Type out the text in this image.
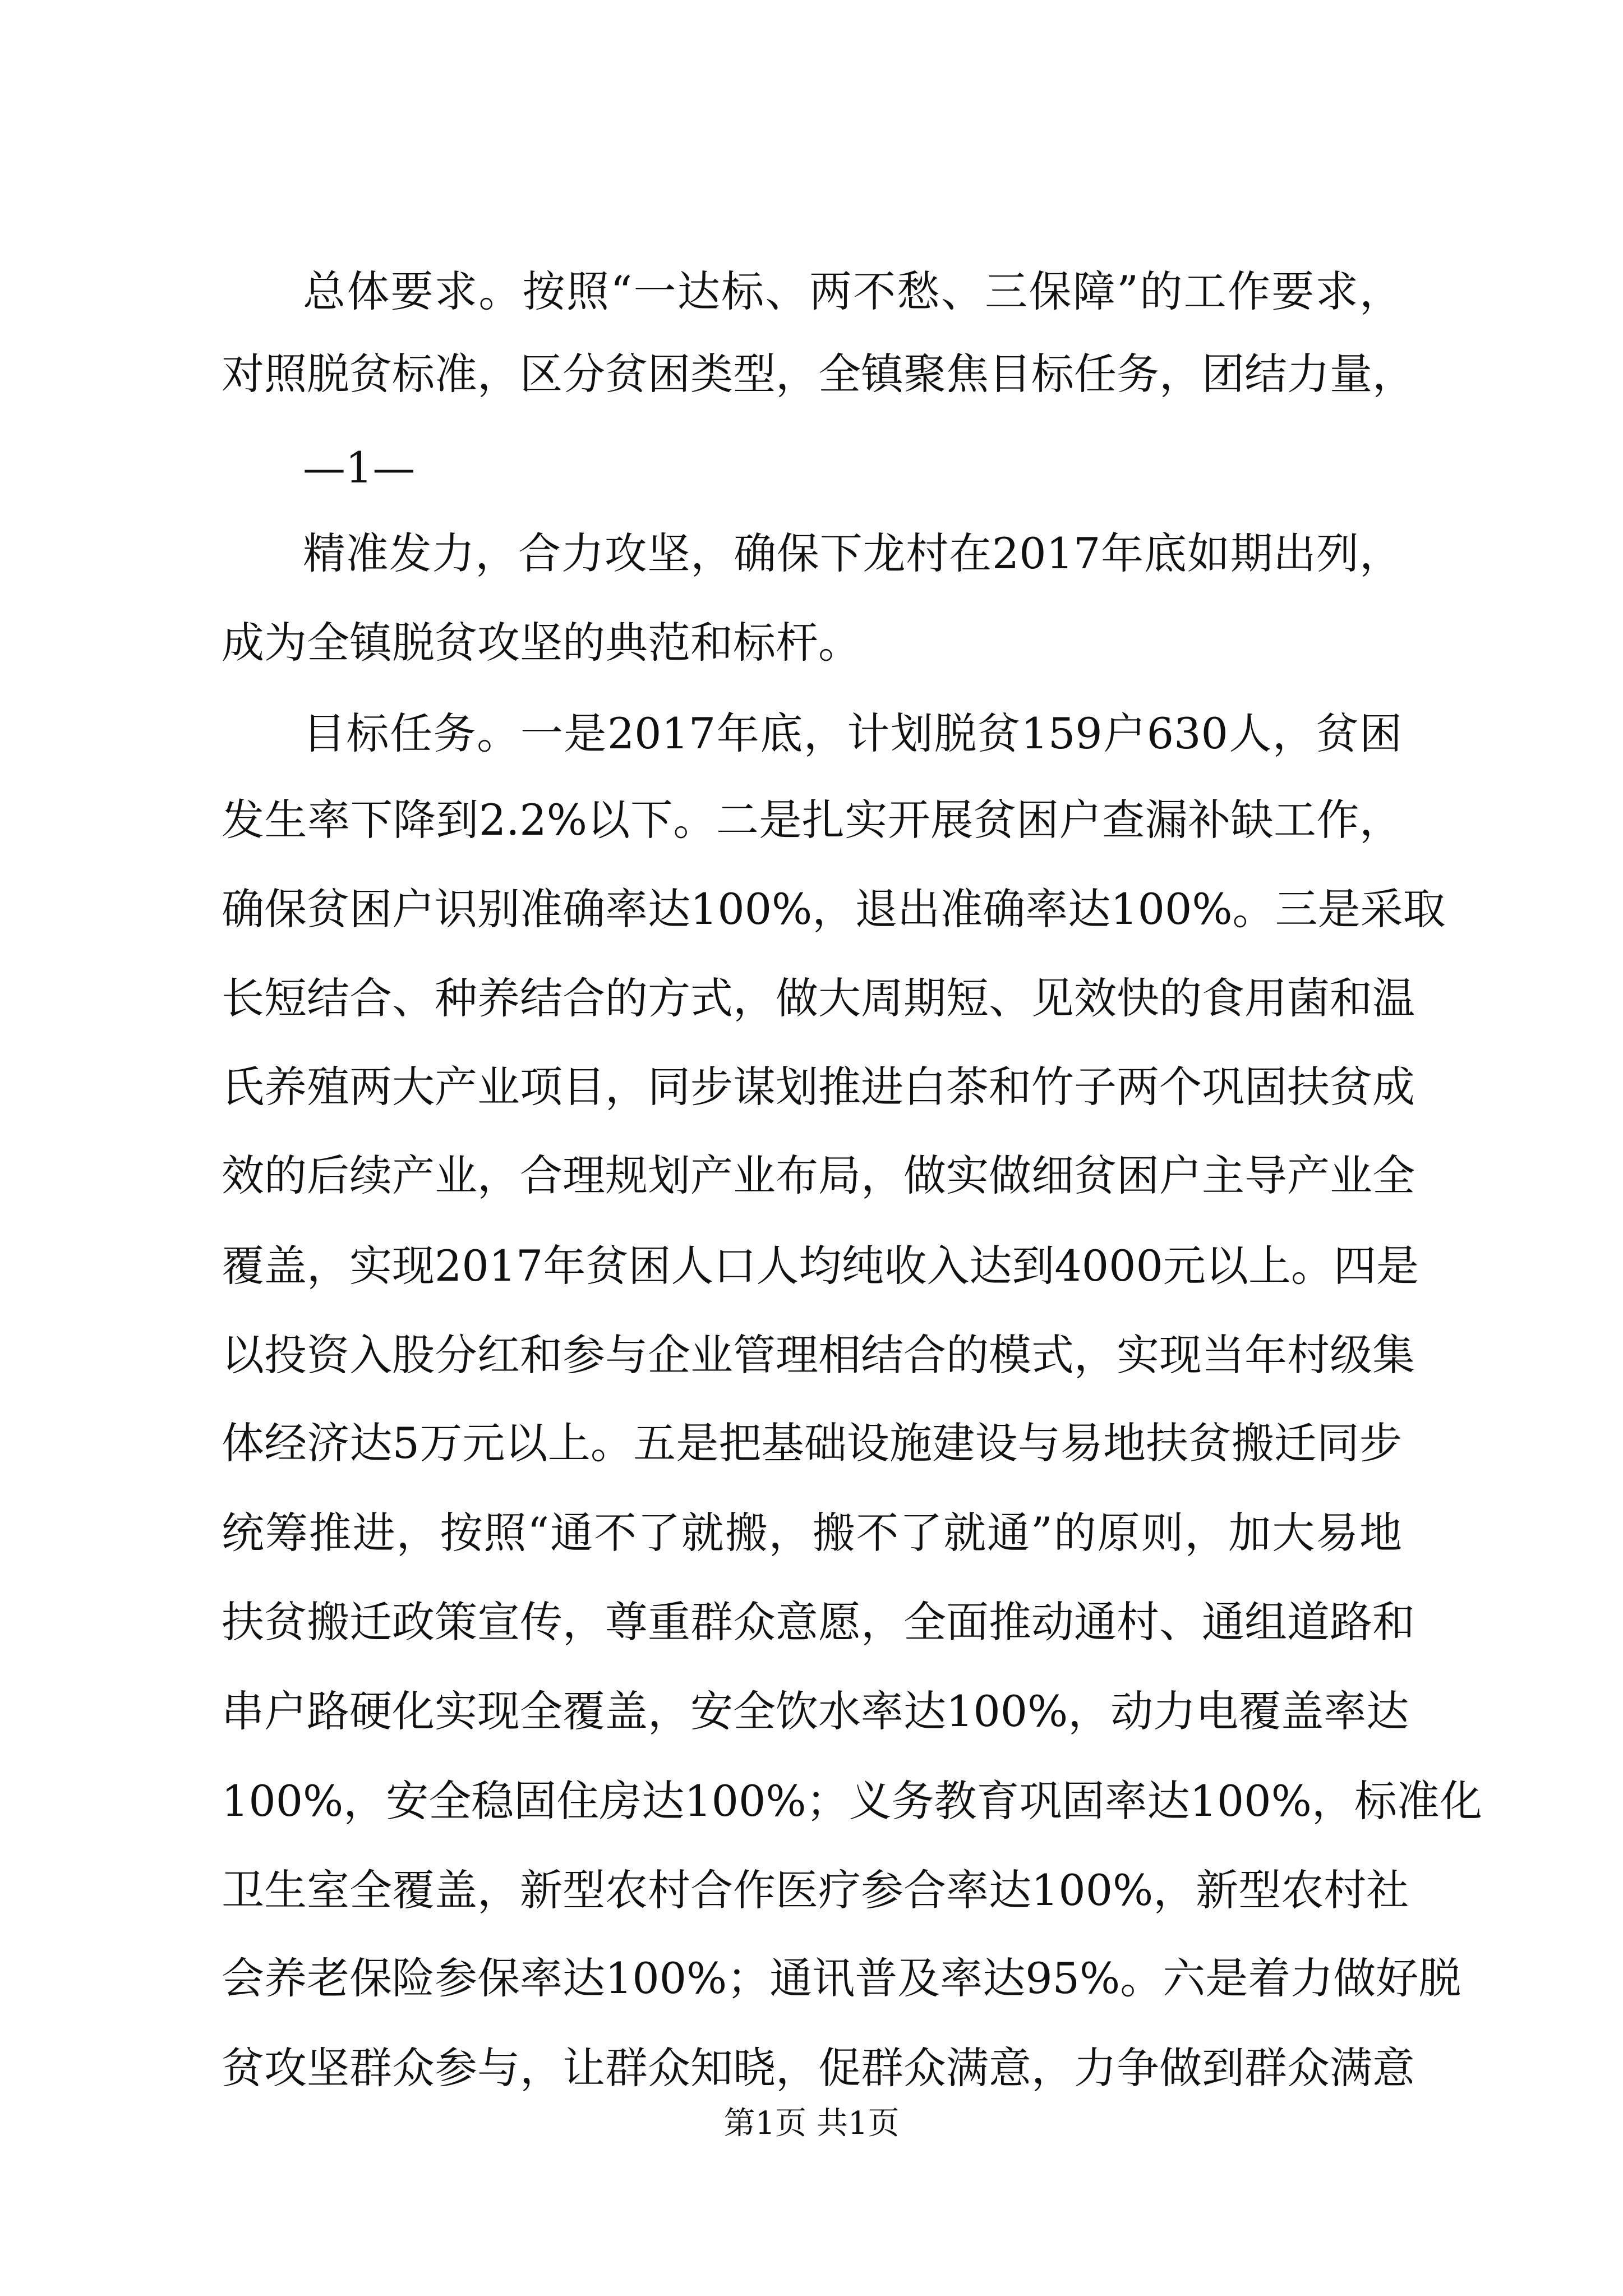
总体要求。按照“一达标、两不愁、三保障”的工作要求，
对照脱贫标准，区分贫困类型，全镇聚焦目标任务，团结力量，
—1—
精准发力，合力攻坚，确保下龙村在2017年底如期出列，
成为全镇脱贫攻坚的典范和标杆。
目标任务。一是2017年底，计划脱贫159户630人，贫困
发生率下降到2.2%以下。二是扎实开展贫困户查漏补缺工作，
确保贫困户识别准确率达100%，退出准确率达100%。三是采取
长短结合、种养结合的方式，做大周期短、见效快的食用菌和温
氏养殖两大产业项目，同步谋划推进白茶和竹子两个巩固扶贫成
效的后续产业，合理规划产业布局，做实做细贫困户主导产业全
覆盖，实现2017年贫困人口人均纯收入达到4000元以上。四是
以投资入股分红和参与企业管理相结合的模式，实现当年村级集
体经济达5万元以上。五是把基础设施建设与易地扶贫搬迁同步
统筹推进，按照“通不了就搬，搬不了就通”的原则，加大易地
扶贫搬迁政策宣传，尊重群众意愿，全面推动通村、通组道路和
串户路硬化实现全覆盖，安全饮水率达100%，动力电覆盖率达
100%，安全稳固住房达100%；义务教育巩固率达100%，标准化
卫生室全覆盖，新型农村合作医疗参合率达100%，新型农村社
会养老保险参保率达100%；通讯普及率达95%。六是着力做好脱
贫攻坚群众参与，让群众知晓，促群众满意，力争做到群众满意
第1页 共1页
